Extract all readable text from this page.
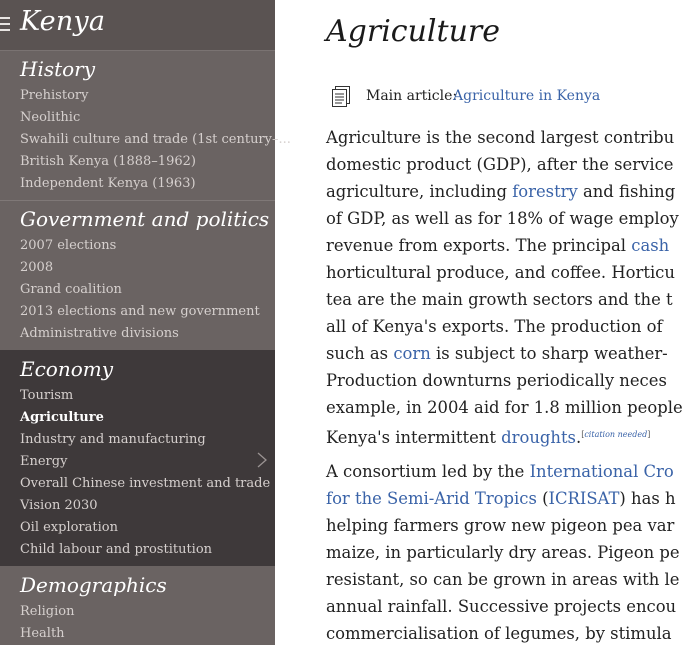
Kenya
History
Prehistory
Neolithic
Swahili culture and trade (1st century–...
British Kenya (1888–1962)
Independent Kenya (1963)
Government and politics
2007 elections
2008
Grand coalition
2013 elections and new government
Administrative divisions
Economy
Tourism
Agriculture
Industry and manufacturing
Energy
Overall Chinese investment and trade
Vision 2030
Oil exploration
Child labour and prostitution
Demographics
Religion
Health
Agriculture
Main article:
Agriculture in Kenya
Agriculture is the second largest contribu
domestic product (GDP), after the service
agriculture, including forestry and fishing
of GDP, as well as for 18% of wage employ
revenue from exports. The principal cash
horticultural produce, and coffee. Horticu
tea are the main growth sectors and the t
all of Kenya's exports. The production of
such as corn is subject to sharp weather-
Production downturns periodically neces
example, in 2004 aid for 1.8 million people
Kenya's intermittent droughts.[citation needed]
A consortium led by the International Cro
for the Semi-Arid Tropics (ICRISAT) has h
helping farmers grow new pigeon pea var
maize, in particularly dry areas. Pigeon pe
resistant, so can be grown in areas with le
annual rainfall. Successive projects encou
commercialisation of legumes, by stimula
